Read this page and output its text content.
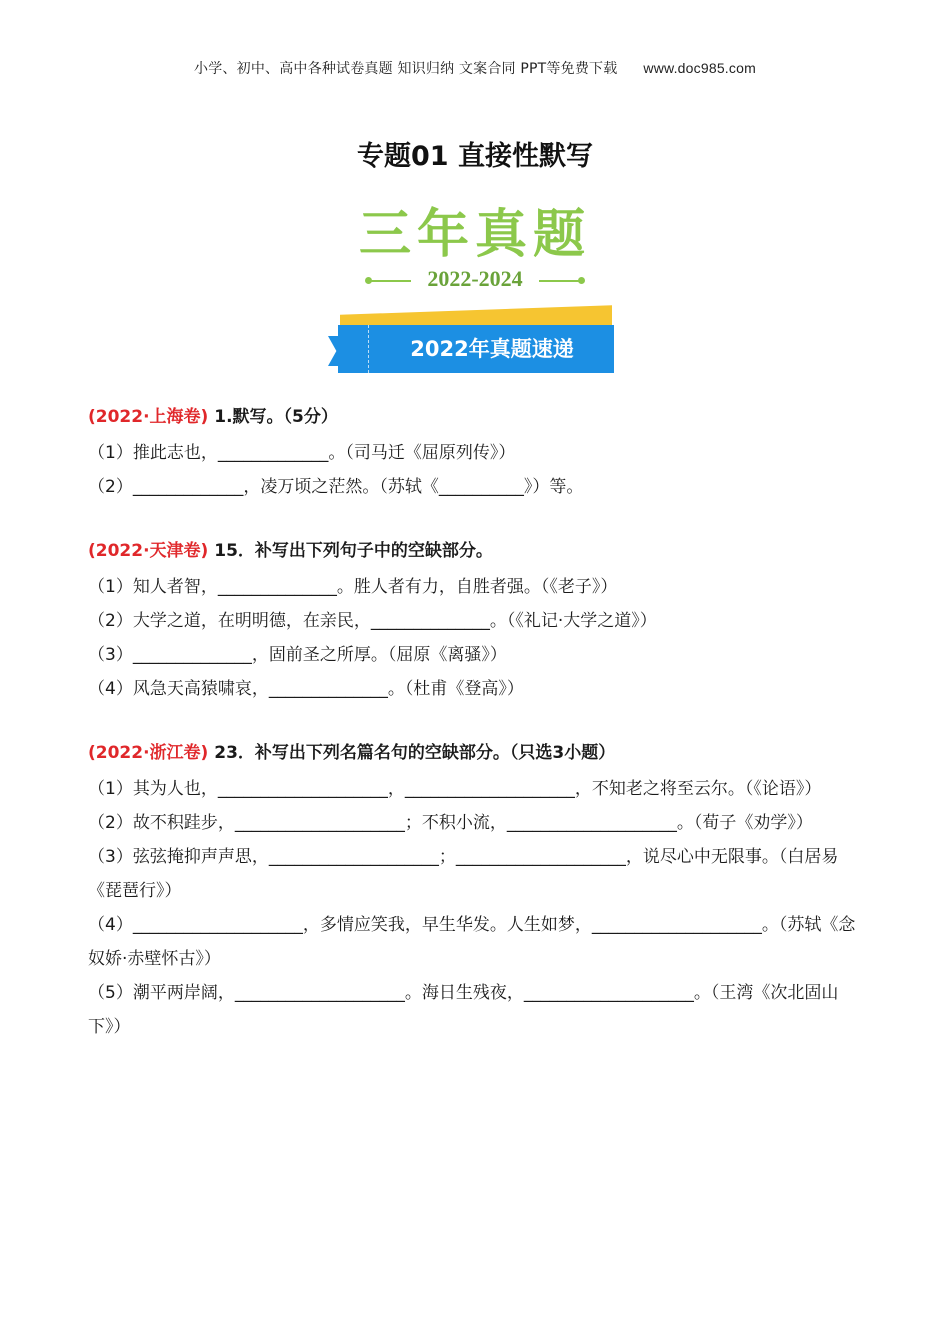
小学、初中、高中各种试卷真题 知识归纳 文案合同 PPT等免费下载 www.doc985.com
专题01 直接性默写
三年真题
2022-2024
2022年真题速递
(2022·上海卷) 1.默写。（5分）
（1）推此志也，_____________。（司马迁《屈原列传》）
（2）_____________，凌万顷之茫然。（苏轼《__________》）等。
(2022·天津卷) 15．补写出下列句子中的空缺部分。
（1）知人者智，______________。胜人者有力，自胜者强。（《老子》）
（2）大学之道，在明明德，在亲民，______________。（《礼记·大学之道》）
（3）______________，固前圣之所厚。（屈原《离骚》）
（4）风急天高猿啸哀，______________。（杜甫《登高》）
(2022·浙江卷) 23．补写出下列名篇名句的空缺部分。（只选3小题）
（1）其为人也，____________________，____________________，不知老之将至云尔。（《论语》）
（2）故不积跬步，____________________；不积小流，____________________。（荀子《劝学》）
（3）弦弦掩抑声声思，____________________；____________________，说尽心中无限事。（白居易《琵琶行》）
（4）____________________，多情应笑我，早生华发。人生如梦，____________________。（苏轼《念奴娇·赤壁怀古》）
（5）潮平两岸阔，____________________。海日生残夜，____________________。（王湾《次北固山下》）
